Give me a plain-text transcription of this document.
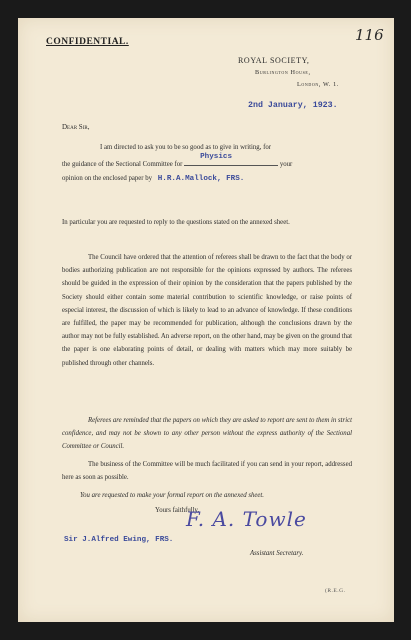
116
CONFIDENTIAL.
ROYAL SOCIETY,
Burlington House,
London, W. 1.
2nd January, 1923.
Dear Sir,
I am directed to ask you to be so good as to give in writing, for
the guidance of the Sectional Committee for
Physics
your
opinion on the enclosed paper by H.R.A.Mallock, FRS.
In particular you are requested to reply to the questions stated on the annexed sheet.
The Council have ordered that the attention of referees shall be drawn to the fact that the body or bodies authorizing publication are not responsible for the opinions expressed by authors. The referees should be guided in the expression of their opinion by the consideration that the papers published by the Society should either contain some material contribution to scientific knowledge, or raise points of especial interest, the discussion of which is likely to lead to an advance of knowledge. If these conditions are fulfilled, the paper may be recommended for publication, although the conclusions drawn by the author may not be fully established. An adverse report, on the other hand, may be given on the ground that the paper is one elaborating points of detail, or dealing with matters which may more suitably be published through other channels.
Referees are reminded that the papers on which they are asked to report are sent to them in strict confidence, and may not be shown to any other person without the express authority of the Sectional Committee or Council.
The business of the Committee will be much facilitated if you can send in your report, addressed here as soon as possible.
You are requested to make your formal report on the annexed sheet.
Yours faithfully,
F. A. Towle
Sir J.Alfred Ewing, FRS.
Assistant Secretary.
(R.E.G.
